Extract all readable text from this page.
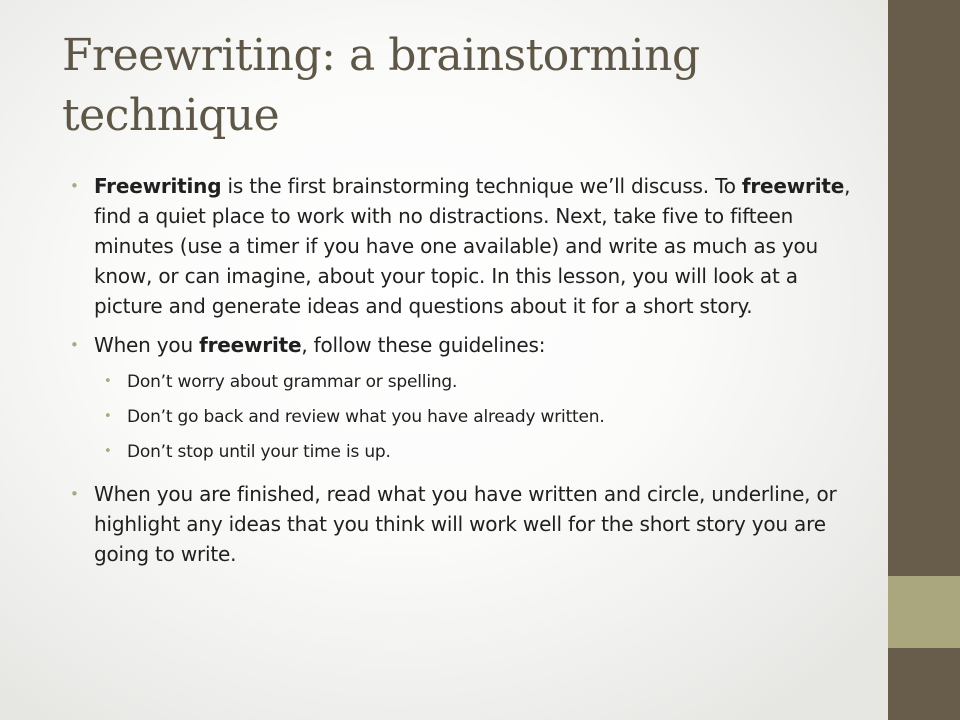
Freewriting: a brainstorming technique
• Freewriting is the first brainstorming technique we’ll discuss. To freewrite, find a quiet place to work with no distractions. Next, take five to fifteen minutes (use a timer if you have one available) and write as much as you know, or can imagine, about your topic. In this lesson, you will look at a picture and generate ideas and questions about it for a short story.
• When you freewrite, follow these guidelines:
• Don’t worry about grammar or spelling.
• Don’t go back and review what you have already written.
• Don’t stop until your time is up.
• When you are finished, read what you have written and circle, underline, or highlight any ideas that you think will work well for the short story you are going to write.
